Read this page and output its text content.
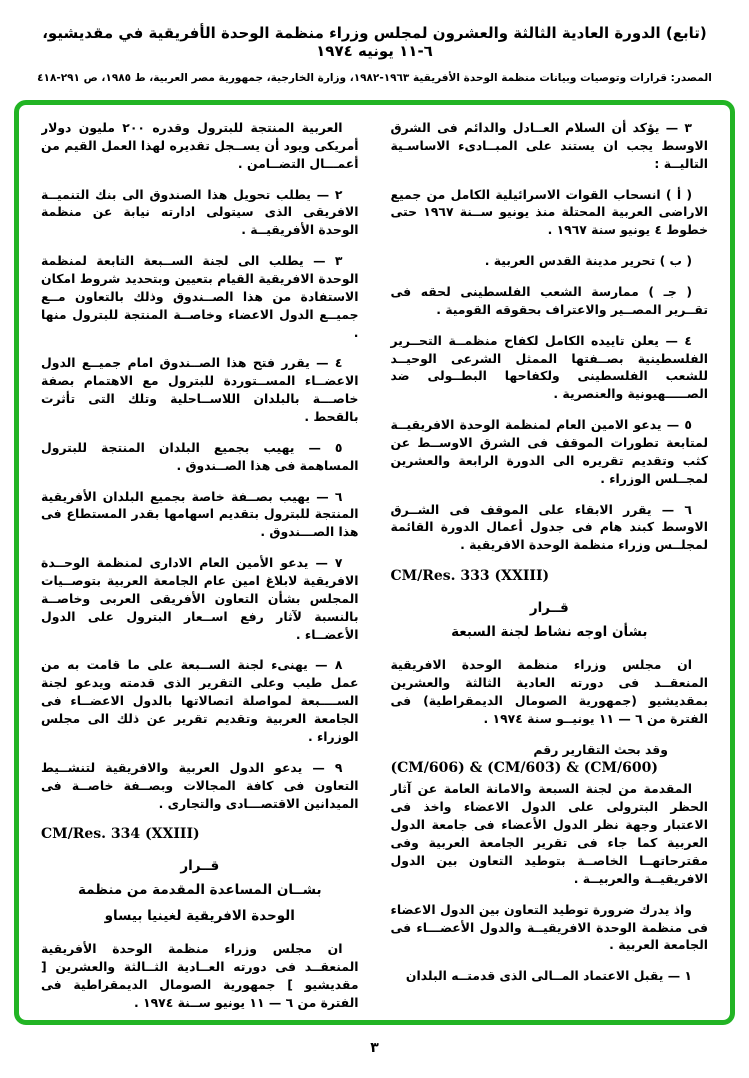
(تابع) الدورة العادية الثالثة والعشرون لمجلس وزراء منظمة الوحدة الأفريقية في مقديشيو، ٦-١١ يونيه ١٩٧٤

المصدر: قرارات وتوصيات وبيانات منظمة الوحدة الأفريقية ١٩٦٣-١٩٨٢، وزارة الخارجية، جمهورية مصر العربية، ط ١٩٨٥، ص ٢٩١-٤١٨

٣ — يؤكد أن السلام العــادل والدائم فى الشرق الاوسط يجب ان يستند على المبــادىء الاساسـية التاليــة :

( أ ) انسحاب القوات الاسرائيلية الكامل من جميع الاراضى العربية المحتلة منذ يونيو ســنة ١٩٦٧ حتى خطوط ٤ يونيو سنة ١٩٦٧ .

( ب ) تحرير مدينة القدس العربية .

( جـ ) ممارسة الشعب الفلسطينى لحقه فى تقــرير المصــير والاعتراف بحقوقه القومية .

٤ — يعلن تاييده الكامل لكفاح منظمــة التحــرير الفلسطينية بصــفتها الممثل الشرعى الوحيــد للشعب الفلسطينى ولكفاحها البطــولى ضد الصـــــهيونية والعنصرية .

٥ — يدعو الامين العام لمنظمة الوحدة الافريقيــة لمتابعة تطورات الموقف فى الشرق الاوســط عن كثب وتقديم تقريره الى الدورة الرابعة والعشرين لمجــلس الوزراء .

٦ — يقرر الابقاء على الموقف فى الشــرق الاوسط كبند هام فى جدول أعمال الدورة القائمة لمجلــس وزراء منظمة الوحدة الافريقية .

CM/Res. 333 (XXIII)

قــرار

بشأن اوجه نشاط لجنة السبعة

ان مجلس وزراء منظمة الوحدة الافريقية المنعقــد فى دورته العادية الثالثة والعشرين بمقديشيو (جمهورية الصومال الديمقراطية) فى الفترة من ٦ — ١١ يونيــو سنة ١٩٧٤ .

وقد بحث التقارير رقم

(CM/606) & (CM/603) & (CM/600)

المقدمة من لجنة السبعة والامانة العامة عن آثار الحظر البترولى على الدول الاعضاء واخذ فى الاعتبار وجهة نظر الدول الأعضاء فى جامعة الدول العربية كما جاء فى تقرير الجامعة العربية وفى مقترحاتهــا الخاصــة بتوطيد التعاون بين الدول الافريقيــة والعربيــة .

واذ يدرك ضرورة توطيد التعاون بين الدول الاعضاء فى منظمة الوحدة الافريقيــة والدول الأعضـــاء فى الجامعة العربية .

١ — يقبل الاعتماد المــالى الذى قدمتــه البلدان

العربية المنتجة للبترول وقدره ٢٠٠ مليون دولار أمريكى ويود أن يســجل تقديره لهذا العمل القيم من أعمـــال التضــامن .

٢ — يطلب تحويل هذا الصندوق الى بنك التنميــة الافريقى الذى سيتولى ادارته نيابة عن منظمة الوحدة الأفريقيــة .

٣ — يطلب الى لجنة الســبعة التابعة لمنظمة الوحدة الافريقية القيام بتعيين وبتحديد شروط امكان الاستفادة من هذا الصــندوق وذلك بالتعاون مــع جميــع الدول الاعضاء وخاصــة المنتجة للبترول منها .

٤ — يقرر فتح هذا الصــندوق امام جميــع الدول الاعضــاء المســتوردة للبترول مع الاهتمام بصفة خاصـــة بالبلدان اللاســاحلية وتلك التى تأثرت بالقحط .

٥ — يهيب بجميع البلدان المنتجة للبترول المساهمة فى هذا الصــندوق .

٦ — يهيب بصــفة خاصة بجميع البلدان الأفريقية المنتجة للبترول بتقديم اسهامها بقدر المستطاع فى هذا الصـــندوق .

٧ — يدعو الأمين العام الادارى لمنظمة الوحــدة الافريقية لابلاغ امين عام الجامعة العربية بتوصــيات المجلس بشأن التعاون الأفريقى العربى وخاصــة بالنسبة لآثار رفع اســعار البترول على الدول الأعضــاء .

٨ — يهنىء لجنة الســبعة على ما قامت به من عمل طيب وعلى التقرير الذى قدمته ويدعو لجنة الســــبعة لمواصلة اتصالاتها بالدول الاعضــاء فى الجامعة العربية وتقديم تقرير عن ذلك الى مجلس الوزراء .

٩ — يدعو الدول العربية والافريقية لتنشــيط التعاون فى كافة المجالات وبصــفة خاصــة فى الميدانين الاقتصـــادى والتجارى .

CM/Res. 334 (XXIII)

قــرار

بشــان المساعدة المقدمة من منظمة

الوحدة الافريقية لغينيا بيساو

ان مجلس وزراء منظمة الوحدة الأفريقية المنعقــد فى دورته العــادية الثــالثة والعشرين [ مقديشيو ] جمهورية الصومال الديمقراطية فى الفترة من ٦ — ١١ يونيو ســنة ١٩٧٤ .

٣
